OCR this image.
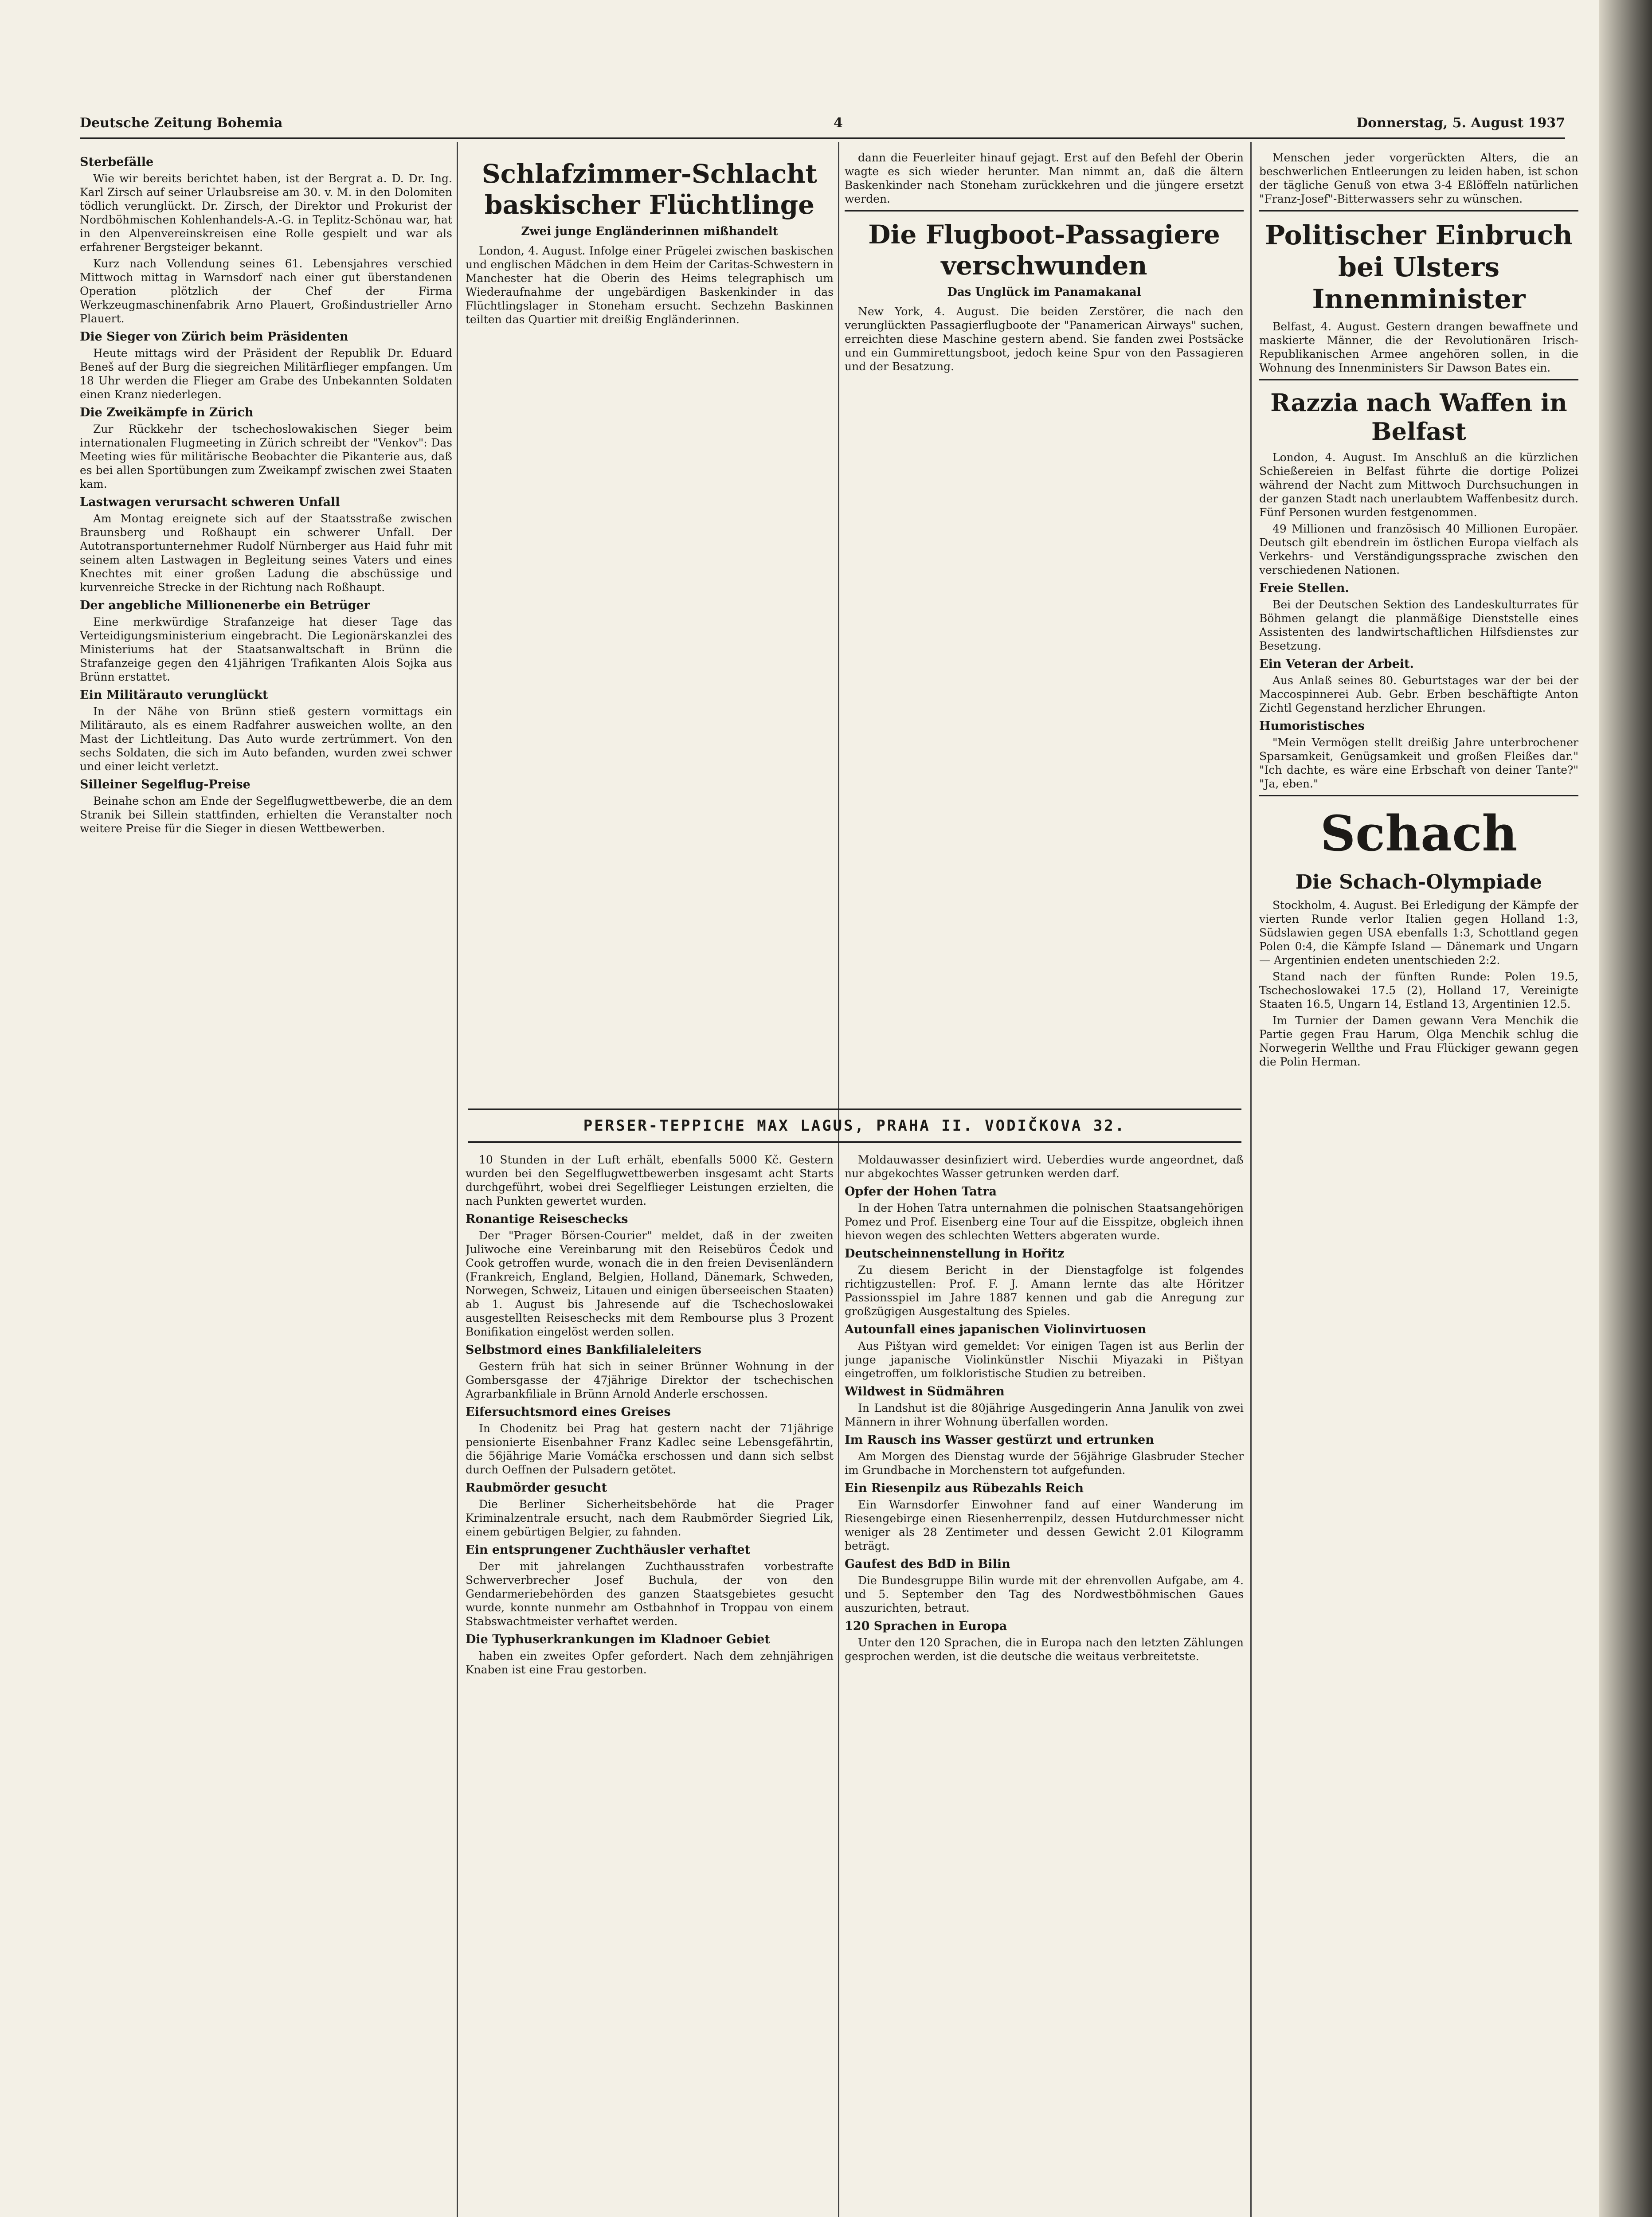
Deutsche Zeitung Bohemia	4	Donnerstag, 5. August 1937
Sterbefälle

Wie wir bereits berichtet haben, ist der Bergrat a. D. Dr. Ing. Karl Zirsch auf seiner Urlaubsreise am 30. v. M. in den Dolomiten tödlich verunglückt. Dr. Zirsch, der Direktor und Prokurist der Nordböhmischen Kohlenhandels-A.-G. in Teplitz-Schönau war, hat in den Alpenvereinskreisen eine Rolle gespielt und war als erfahrener Bergsteiger bekannt.

Kurz nach Vollendung seines 61. Lebensjahres verschied Mittwoch mittag in Warnsdorf nach einer gut überstandenen Operation plötzlich der Chef der Firma Werkzeugmaschinenfabrik Arno Plauert, Großindustrieller Arno Plauert.

Die Sieger von Zürich beim Präsidenten

Heute mittags wird der Präsident der Republik Dr. Eduard Beneš auf der Burg die siegreichen Militärflieger empfangen. Um 18 Uhr werden die Flieger am Grabe des Unbekannten Soldaten einen Kranz niederlegen.

Die Zweikämpfe in Zürich

Zur Rückkehr der tschechoslowakischen Sieger beim internationalen Flugmeeting in Zürich schreibt der "Venkov": Das Meeting wies für militärische Beobachter die Pikanterie aus, daß es bei allen Sportübungen zum Zweikampf zwischen zwei Staaten kam.

Lastwagen verursacht schweren Unfall

Am Montag ereignete sich auf der Staatsstraße zwischen Braunsberg und Roßhaupt ein schwerer Unfall. Der Autotransportunternehmer Rudolf Nürnberger aus Haid fuhr mit seinem alten Lastwagen in Begleitung seines Vaters und eines Knechtes mit einer großen Ladung die abschüssige und kurvenreiche Strecke in der Richtung nach Roßhaupt.

Der angebliche Millionenerbe ein Betrüger

Eine merkwürdige Strafanzeige hat dieser Tage das Verteidigungsministerium eingebracht. Die Legionärskanzlei des Ministeriums hat der Staatsanwaltschaft in Brünn die Strafanzeige gegen den 41jährigen Trafikanten Alois Sojka aus Brünn erstattet.

Ein Militärauto verunglückt

In der Nähe von Brünn stieß gestern vormittags ein Militärauto, als es einem Radfahrer ausweichen wollte, an den Mast der Lichtleitung. Das Auto wurde zertrümmert. Von den sechs Soldaten, die sich im Auto befanden, wurden zwei schwer und einer leicht verletzt.

Silleiner Segelflug-Preise

Beinahe schon am Ende der Segelflugwettbewerbe, die an dem Stranik bei Sillein stattfinden, erhielten die Veranstalter noch weitere Preise für die Sieger in diesen Wettbewerben.

Schlafzimmer-Schlacht baskischer Flüchtlinge
Zwei junge Engländerinnen mißhandelt

London, 4. August. Infolge einer Prügelei zwischen baskischen und englischen Mädchen in dem Heim der Caritas-Schwestern in Manchester hat die Oberin des Heims telegraphisch um Wiederaufnahme der ungebärdigen Baskenkinder in das Flüchtlingslager in Stoneham ersucht. Sechzehn Baskinnen teilten das Quartier mit dreißig Engländerinnen.

dann die Feuerleiter hinauf gejagt. Erst auf den Befehl der Oberin wagte es sich wieder herunter. Man nimmt an, daß die ältern Baskenkinder nach Stoneham zurückkehren und die jüngere ersetzt werden.

Die Flugboot-Passagiere verschwunden
Das Unglück im Panamakanal

New York, 4. August. Die beiden Zerstörer, die nach den verunglückten Passagierflugboote der "Panamerican Airways" suchen, erreichten diese Maschine gestern abend. Sie fanden zwei Postsäcke und ein Gummirettungsboot, jedoch keine Spur von den Passagieren und der Besatzung.

PERSER-TEPPICHE MAX LAGUS, PRAHA II. VODIČKOVA 32.

10 Stunden in der Luft erhält, ebenfalls 5000 Kč. Gestern wurden bei den Segelflugwettbewerben insgesamt acht Starts durchgeführt, wobei drei Segelflieger Leistungen erzielten, die nach Punkten gewertet wurden.

Ronantige Reiseschecks

Der "Prager Börsen-Courier" meldet, daß in der zweiten Juliwoche eine Vereinbarung mit den Reisebüros Čedok und Cook getroffen wurde, wonach die in den freien Devisenländern (Frankreich, England, Belgien, Holland, Dänemark, Schweden, Norwegen, Schweiz, Litauen und einigen überseeischen Staaten) ab 1. August bis Jahresende auf die Tschechoslowakei ausgestellten Reiseschecks mit dem Rembourse plus 3 Prozent Bonifikation eingelöst werden sollen.

Selbstmord eines Bankfilialeleiters

Gestern früh hat sich in seiner Brünner Wohnung in der Gombersgasse der 47jährige Direktor der tschechischen Agrarbankfiliale in Brünn Arnold Anderle erschossen.

Eifersuchtsmord eines Greises

In Chodenitz bei Prag hat gestern nacht der 71jährige pensionierte Eisenbahner Franz Kadlec seine Lebensgefährtin, die 56jährige Marie Vomáčka erschossen und dann sich selbst durch Oeffnen der Pulsadern getötet.

Raubmörder gesucht

Die Berliner Sicherheitsbehörde hat die Prager Kriminalzentrale ersucht, nach dem Raubmörder Siegried Lik, einem gebürtigen Belgier, zu fahnden.

Ein entsprungener Zuchthäusler verhaftet

Der mit jahrelangen Zuchthausstrafen vorbestrafte Schwerverbrecher Josef Buchula, der von den Gendarmeriebehörden des ganzen Staatsgebietes gesucht wurde, konnte nunmehr am Ostbahnhof in Troppau von einem Stabswachtmeister verhaftet werden.

Die Typhuserkrankungen im Kladnoer Gebiet

haben ein zweites Opfer gefordert. Nach dem zehnjährigen Knaben ist eine Frau gestorben.

Moldauwasser desinfiziert wird. Ueberdies wurde angeordnet, daß nur abgekochtes Wasser getrunken werden darf.

Opfer der Hohen Tatra

In der Hohen Tatra unternahmen die polnischen Staatsangehörigen Pomez und Prof. Eisenberg eine Tour auf die Eisspitze, obgleich ihnen hievon wegen des schlechten Wetters abgeraten wurde.

Deutscheinnenstellung in Hořitz

Zu diesem Bericht in der Dienstagfolge ist folgendes richtigzustellen: Prof. F. J. Amann lernte das alte Höritzer Passionsspiel im Jahre 1887 kennen und gab die Anregung zur großzügigen Ausgestaltung des Spieles.

Autounfall eines japanischen Violinvirtuosen

Aus Pištyan wird gemeldet: Vor einigen Tagen ist aus Berlin der junge japanische Violinkünstler Nischii Miyazaki in Pištyan eingetroffen, um folkloristische Studien zu betreiben.

Wildwest in Südmähren

In Landshut ist die 80jährige Ausgedingerin Anna Janulik von zwei Männern in ihrer Wohnung überfallen worden.

Im Rausch ins Wasser gestürzt und ertrunken

Am Morgen des Dienstag wurde der 56jährige Glasbruder Stecher im Grundbache in Morchenstern tot aufgefunden.

Ein Riesenpilz aus Rübezahls Reich

Ein Warnsdorfer Einwohner fand auf einer Wanderung im Riesengebirge einen Riesenherrenpilz, dessen Hutdurchmesser nicht weniger als 28 Zentimeter und dessen Gewicht 2.01 Kilogramm beträgt.

Gaufest des BdD in Bilin

Die Bundesgruppe Bilin wurde mit der ehrenvollen Aufgabe, am 4. und 5. September den Tag des Nordwestböhmischen Gaues auszurichten, betraut.

120 Sprachen in Europa

Unter den 120 Sprachen, die in Europa nach den letzten Zählungen gesprochen werden, ist die deutsche die weitaus verbreitetste.

Menschen jeder vorgerückten Alters, die an beschwerlichen Entleerungen zu leiden haben, ist schon der tägliche Genuß von etwa 3-4 Eßlöffeln natürlichen "Franz-Josef"-Bitterwassers sehr zu wünschen.

Politischer Einbruch bei Ulsters Innenminister

Belfast, 4. August. Gestern drangen bewaffnete und maskierte Männer, die der Revolutionären Irisch-Republikanischen Armee angehören sollen, in die Wohnung des Innenministers Sir Dawson Bates ein.

Razzia nach Waffen in Belfast

London, 4. August. Im Anschluß an die kürzlichen Schießereien in Belfast führte die dortige Polizei während der Nacht zum Mittwoch Durchsuchungen in der ganzen Stadt nach unerlaubtem Waffenbesitz durch. Fünf Personen wurden festgenommen.

49 Millionen und französisch 40 Millionen Europäer. Deutsch gilt ebendrein im östlichen Europa vielfach als Verkehrs- und Verständigungssprache zwischen den verschiedenen Nationen.

Freie Stellen.

Bei der Deutschen Sektion des Landeskulturrates für Böhmen gelangt die planmäßige Dienststelle eines Assistenten des landwirtschaftlichen Hilfsdienstes zur Besetzung.

Ein Veteran der Arbeit.

Aus Anlaß seines 80. Geburtstages war der bei der Maccospinnerei Aub. Gebr. Erben beschäftigte Anton Zichtl Gegenstand herzlicher Ehrungen.

Humoristisches

"Mein Vermögen stellt dreißig Jahre unterbrochener Sparsamkeit, Genügsamkeit und großen Fleißes dar." "Ich dachte, es wäre eine Erbschaft von deiner Tante?" "Ja, eben."

Schach
Die Schach-Olympiade

Stockholm, 4. August. Bei Erledigung der Kämpfe der vierten Runde verlor Italien gegen Holland 1:3, Südslawien gegen USA ebenfalls 1:3, Schottland gegen Polen 0:4, die Kämpfe Island — Dänemark und Ungarn — Argentinien endeten unentschieden 2:2.

Stand nach der fünften Runde: Polen 19.5, Tschechoslowakei 17.5 (2), Holland 17, Vereinigte Staaten 16.5, Ungarn 14, Estland 13, Argentinien 12.5.

Im Turnier der Damen gewann Vera Menchik die Partie gegen Frau Harum, Olga Menchik schlug die Norwegerin Wellthe und Frau Flückiger gewann gegen die Polin Herman.
